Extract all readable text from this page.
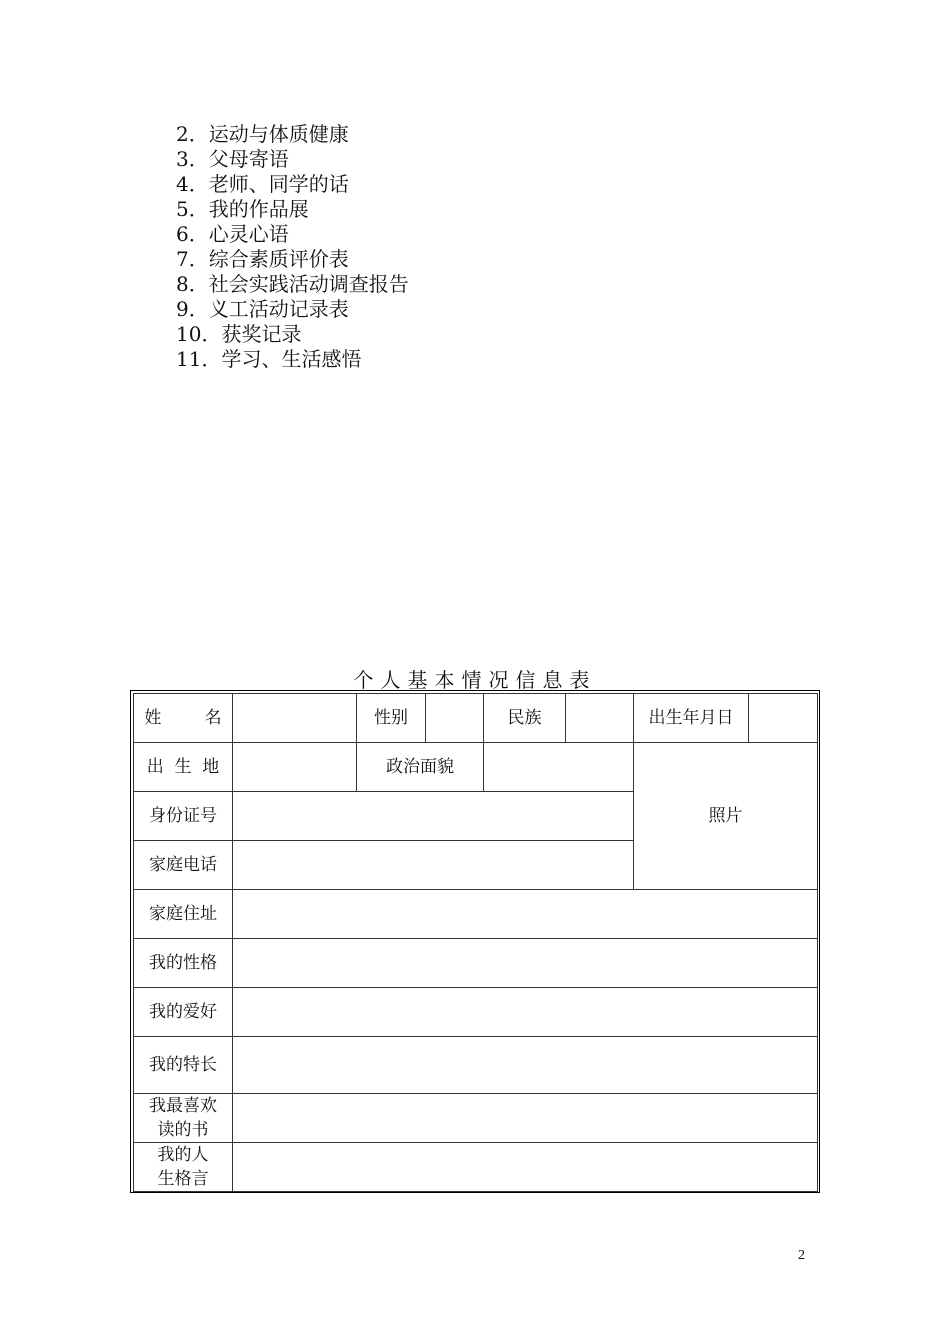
2．运动与体质健康
3．父母寄语
4．老师、同学的话
5．我的作品展
6．心灵心语
7．综合素质评价表
8．社会实践活动调查报告
9．义工活动记录表
10．获奖记录
11．学习、生活感悟
个人基本情况信息表
姓        名		性别		民族		出生年月日	
出  生  地		政治面貌				照片	
身份证号							
家庭电话							
家庭住址							
我的性格							
我的爱好							
我的特长							

我最喜欢
读的书							

我的人
生格言							

2
